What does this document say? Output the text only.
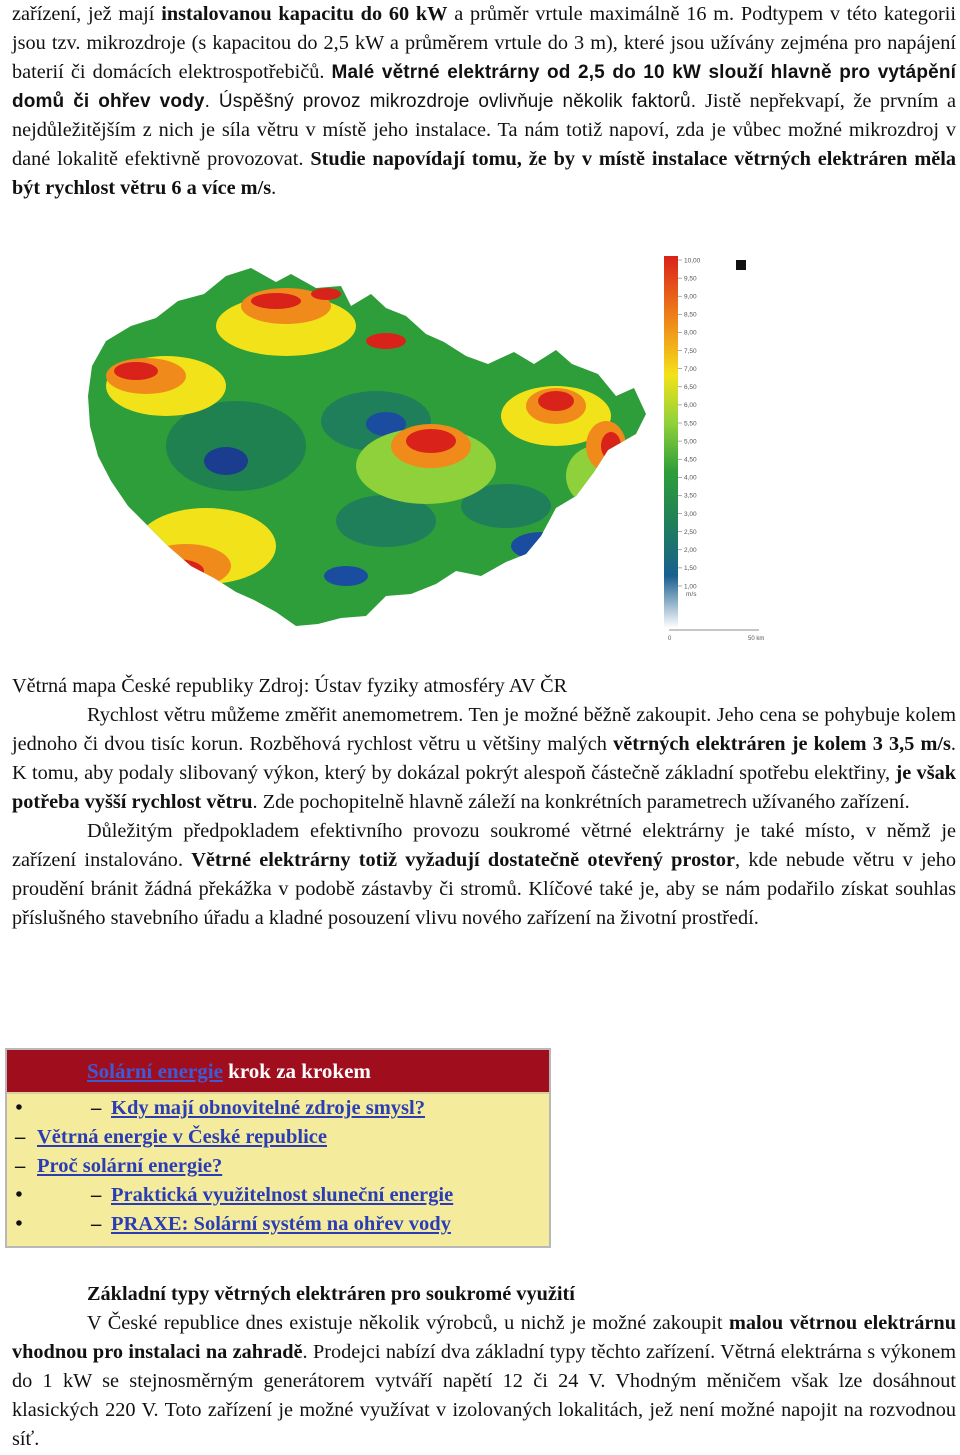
zařízení, jež mají instalovanou kapacitu do 60 kW a průměr vrtule maximálně 16 m. Podtypem v této kategorii jsou tzv. mikrozdroje (s kapacitou do 2,5 kW a průměrem vrtule do 3 m), které jsou užívány zejména pro napájení baterií či domácích elektrospotřebičů. Malé větrné elektrárny od 2,5 do 10 kW slouží hlavně pro vytápění domů či ohřev vody. Úspěšný provoz mikrozdroje ovlivňuje několik faktorů. Jistě nepřekvapí, že prvním a nejdůležitějším z nich je síla větru v místě jeho instalace. Ta nám totiž napoví, zda je vůbec možné mikrozdroj v dané lokalitě efektivně provozovat. Studie napovídají tomu, že by v místě instalace větrných elektráren měla být rychlost větru 6 a více m/s.

10,00
9,50
9,00
8,50
8,00
7,50
7,00
6,50
6,00
5,50
5,00
4,50
4,00
3,50
3,00
2,50
2,00
1,50
1,00
m/s
0	50 km

Větrná mapa České republiky Zdroj: Ústav fyziky atmosféry AV ČR

Rychlost větru můžeme změřit anemometrem. Ten je možné běžně zakoupit. Jeho cena se pohybuje kolem jednoho či dvou tisíc korun. Rozběhová rychlost větru u většiny malých větrných elektráren je kolem 3 3,5 m/s. K tomu, aby podaly slibovaný výkon, který by dokázal pokrýt alespoň částečně základní spotřebu elektřiny, je však potřeba vyšší rychlost větru. Zde pochopitelně hlavně záleží na konkrétních parametrech užívaného zařízení.

Důležitým předpokladem efektivního provozu soukromé větrné elektrárny je také místo, v němž je zařízení instalováno. Větrné elektrárny totiž vyžadují dostatečně otevřený prostor, kde nebude větru v jeho proudění bránit žádná překážka v podobě zástavby či stromů. Klíčové také je, aby se nám podařilo získat souhlas příslušného stavebního úřadu a kladné posouzení vlivu nového zařízení na životní prostředí.

Solární energie krok za krokem
•	– Kdy mají obnovitelné zdroje smysl?
– Větrná energie v České republice
– Proč solární energie?
•	– Praktická využitelnost sluneční energie
•	– PRAXE: Solární systém na ohřev vody
Základní typy větrných elektráren pro soukromé využití

V České republice dnes existuje několik výrobců, u nichž je možné zakoupit malou větrnou elektrárnu vhodnou pro instalaci na zahradě. Prodejci nabízí dva základní typy těchto zařízení. Větrná elektrárna s výkonem do 1 kW se stejnosměrným generátorem vytváří napětí 12 či 24 V. Vhodným měničem však lze dosáhnout klasických 220 V. Toto zařízení je možné využívat v izolovaných lokalitách, jež není možné napojit na rozvodnou síť.
